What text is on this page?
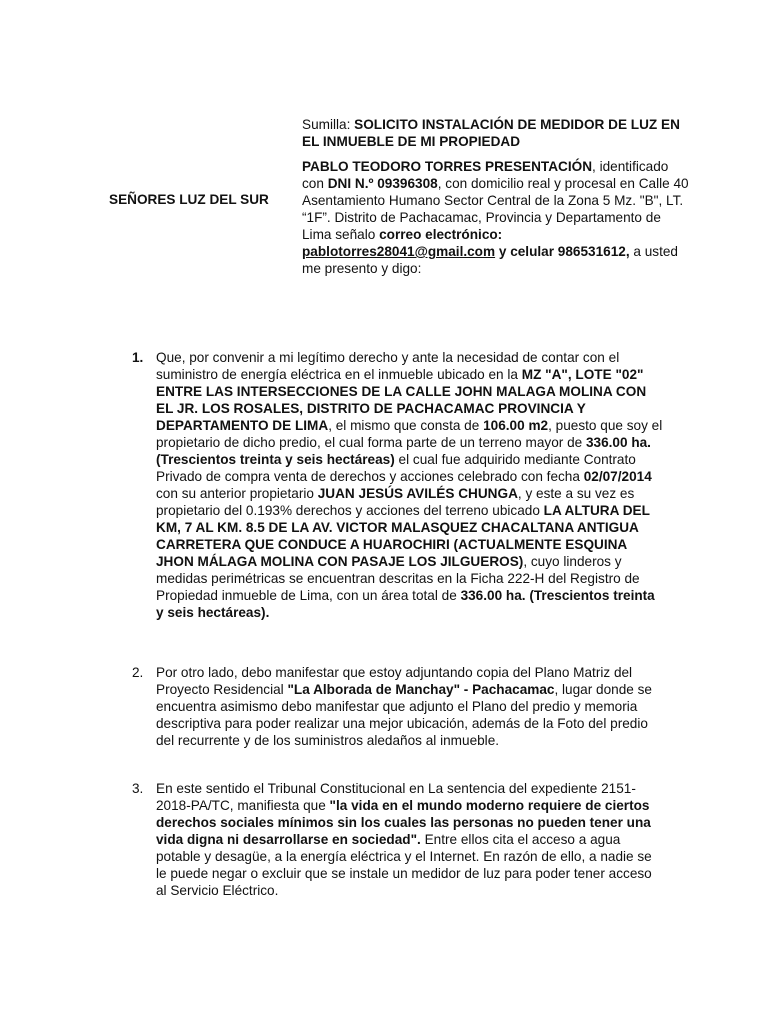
Sumilla: SOLICITO INSTALACIÓN DE MEDIDOR DE LUZ EN EL INMUEBLE DE MI PROPIEDAD
SEÑORES LUZ DEL SUR
PABLO TEODORO TORRES PRESENTACIÓN, identificado con DNI N.º 09396308, con domicilio real y procesal en Calle 40 Asentamiento Humano Sector Central de la Zona 5 Mz. "B", LT. “1F”. Distrito de Pachacamac, Provincia y Departamento de Lima señalo correo electrónico: pablotorres28041@gmail.com y celular 986531612, a usted me presento y digo:
1. Que, por convenir a mi legítimo derecho y ante la necesidad de contar con el suministro de energía eléctrica en el inmueble ubicado en la MZ "A", LOTE "02" ENTRE LAS INTERSECCIONES DE LA CALLE JOHN MALAGA MOLINA CON EL JR. LOS ROSALES, DISTRITO DE PACHACAMAC PROVINCIA Y DEPARTAMENTO DE LIMA, el mismo que consta de 106.00 m2, puesto que soy el propietario de dicho predio, el cual forma parte de un terreno mayor de 336.00 ha. (Trescientos treinta y seis hectáreas) el cual fue adquirido mediante Contrato Privado de compra venta de derechos y acciones celebrado con fecha 02/07/2014 con su anterior propietario JUAN JESÚS AVILÉS CHUNGA, y este a su vez es propietario del 0.193% derechos y acciones del terreno ubicado LA ALTURA DEL KM, 7 AL KM. 8.5 DE LA AV. VICTOR MALASQUEZ CHACALTANA ANTIGUA CARRETERA QUE CONDUCE A HUAROCHIRI (ACTUALMENTE ESQUINA JHON MÁLAGA MOLINA CON PASAJE LOS JILGUEROS), cuyo linderos y medidas perimétricas se encuentran descritas en la Ficha 222-H del Registro de Propiedad inmueble de Lima, con un área total de 336.00 ha. (Trescientos treinta y seis hectáreas).
2. Por otro lado, debo manifestar que estoy adjuntando copia del Plano Matriz del Proyecto Residencial "La Alborada de Manchay" - Pachacamac, lugar donde se encuentra asimismo debo manifestar que adjunto el Plano del predio y memoria descriptiva para poder realizar una mejor ubicación, además de la Foto del predio del recurrente y de los suministros aledaños al inmueble.
3. En este sentido el Tribunal Constitucional en La sentencia del expediente 2151-2018-PA/TC, manifiesta que "la vida en el mundo moderno requiere de ciertos derechos sociales mínimos sin los cuales las personas no pueden tener una vida digna ni desarrollarse en sociedad". Entre ellos cita el acceso a agua potable y desagüe, a la energía eléctrica y el Internet. En razón de ello, a nadie se le puede negar o excluir que se instale un medidor de luz para poder tener acceso al Servicio Eléctrico.
